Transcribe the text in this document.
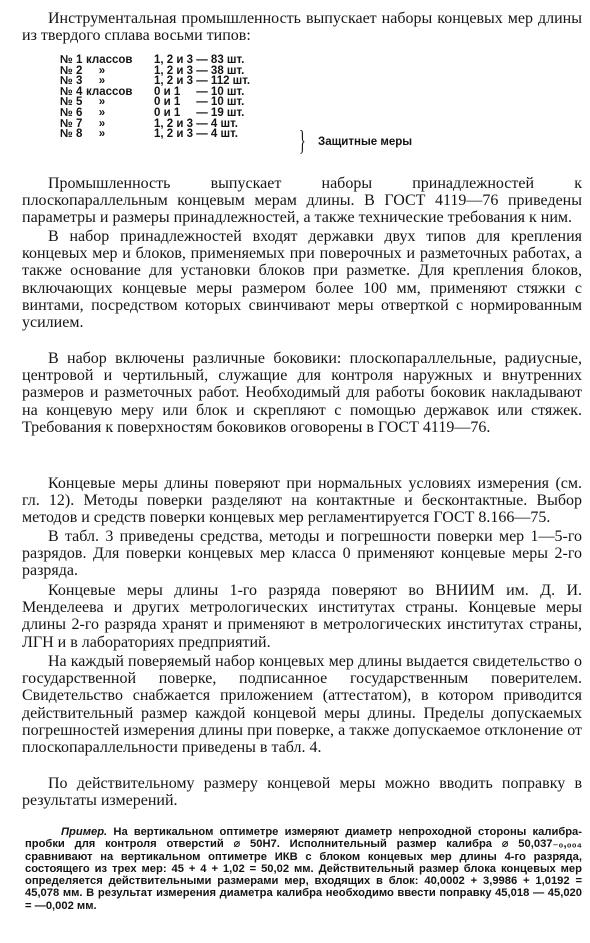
Инструментальная промышленность выпускает наборы концевых мер длины из твердого сплава восьми типов:

№ 1 классов 1, 2 и 3 — 83 шт.
№ 2 »	1, 2 и 3 — 38 шт.
№ 3 »	1, 2 и 3 — 112 шт.
№ 4 классов 0 и 1     — 10 шт.
№ 5 »	0 и 1     — 10 шт.
№ 6 »	0 и 1     — 19 шт.
№ 7 »	1, 2 и 3 — 4 шт.
№ 8 »	1, 2 и 3 — 4 шт. } Защитные меры

Промышленность выпускает наборы принадлежностей к плоскопараллельным концевым мерам длины. В ГОСТ 4119—76 приведены параметры и размеры принадлежностей, а также технические требования к ним.

В набор принадлежностей входят державки двух типов для крепления концевых мер и блоков, применяемых при поверочных и разметочных работах, а также основание для установки блоков при разметке. Для крепления блоков, включающих концевые меры размером более 100 мм, применяют стяжки с винтами, посредством которых свинчивают меры отверткой с нормированным усилием.

В набор включены различные боковики: плоскопараллельные, радиусные, центровой и чертильный, служащие для контроля наружных и внутренних размеров и разметочных работ. Необходимый для работы боковик накладывают на концевую меру или блок и скрепляют с помощью державок или стяжек. Требования к поверхностям боковиков оговорены в ГОСТ 4119—76.

Концевые меры длины поверяют при нормальных условиях измерения (см. гл. 12). Методы поверки разделяют на контактные и бесконтактные. Выбор методов и средств поверки концевых мер регламентируется ГОСТ 8.166—75.

В табл. 3 приведены средства, методы и погрешности поверки мер 1—5-го разрядов. Для поверки концевых мер класса 0 применяют концевые меры 2-го разряда.

Концевые меры длины 1-го разряда поверяют во ВНИИМ им. Д. И. Менделеева и других метрологических институтах страны. Концевые меры длины 2-го разряда хранят и применяют в метрологических институтах страны, ЛГН и в лабораториях предприятий.

На каждый поверяемый набор концевых мер длины выдается свидетельство о государственной поверке, подписанное государственным поверителем. Свидетельство снабжается приложением (аттестатом), в котором приводится действительный размер каждой концевой меры длины. Пределы допускаемых погрешностей измерения длины при поверке, а также допускаемое отклонение от плоскопараллельности приведены в табл. 4.

По действительному размеру концевой меры можно вводить поправку в результаты измерений.

Пример. На вертикальном оптиметре измеряют диаметр непроходной стороны калибра-пробки для контроля отверстий ⌀ 50H7. Исполнительный размер калибра ⌀ 50,037₋₀,₀₀₄ сравнивают на вертикальном оптиметре ИКВ с блоком концевых мер длины 4-го разряда, состоящего из трех мер: 45 + 4 + 1,02 = 50,02 мм. Действительный размер блока концевых мер определяется действительными размерами мер, входящих в блок: 40,0002 + 3,9986 + 1,0192 = 45,078 мм. В результат измерения диаметра калибра необходимо ввести поправку 45,018 — 45,020 = —0,002 мм.
